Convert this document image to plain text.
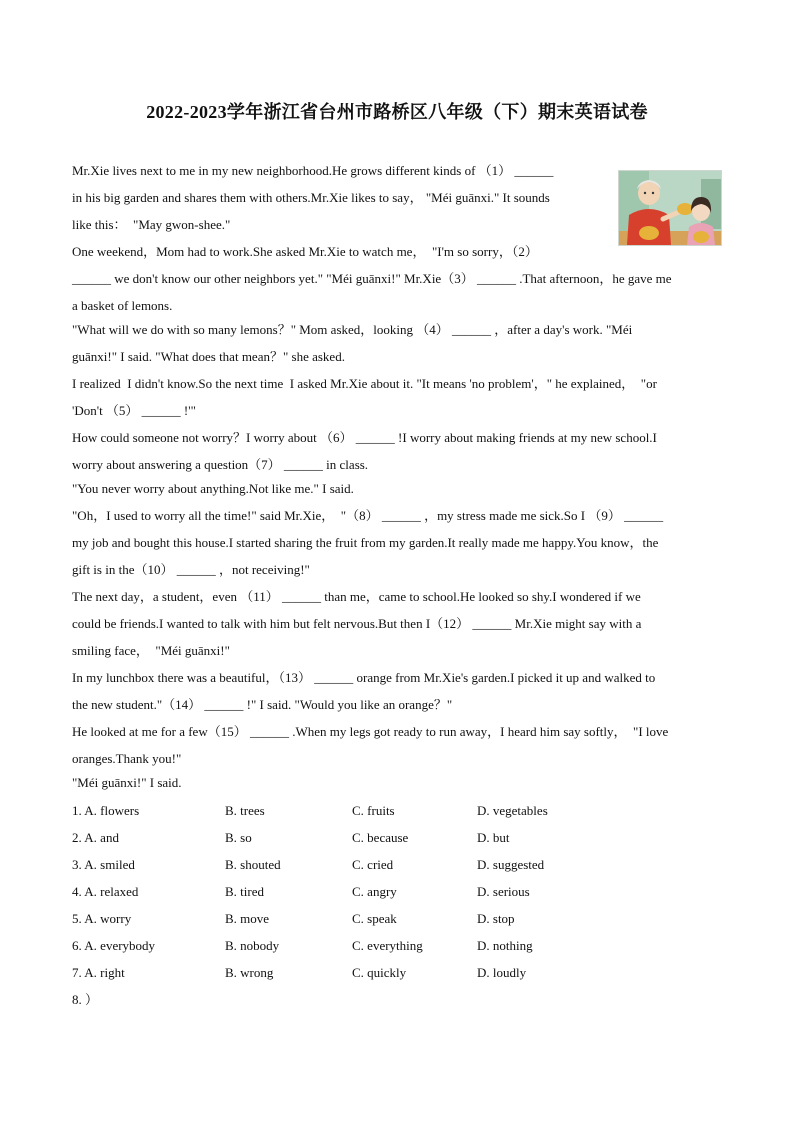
2022-2023学年浙江省台州市路桥区八年级（下）期末英语试卷
Mr.Xie lives next to me in my new neighborhood.He grows different kinds of （1） ______
in his big garden and shares them with others.Mr.Xie likes to say， "Méi guānxi." It sounds
like this：  "May gwon-shee."
One weekend，Mom had to work.She asked Mr.Xie to watch me，  "I'm so sorry，（2）
______ we don't know our other neighbors yet." "Méi guānxi!" Mr.Xie（3） ______ .That afternoon，he gave me
a basket of lemons.
"What will we do with so many lemons？" Mom asked，looking （4） ______ ，after a day's work. "Méi
guānxi!" I said. "What does that mean？" she asked.
I realized  I didn't know.So the next time  I asked Mr.Xie about it. "It means 'no problem'，" he explained，  "or
'Don't （5） ______ !'"
How could someone not worry？I worry about （6） ______ !I worry about making friends at my new school.I
worry about answering a question（7） ______ in class.
"You never worry about anything.Not like me." I said.
"Oh，I used to worry all the time!" said Mr.Xie，  "（8） ______ ，my stress made me sick.So I （9） ______
my job and bought this house.I started sharing the fruit from my garden.It really made me happy.You know，the
gift is in the（10） ______ ，not receiving!"
The next day，a student，even （11） ______ than me，came to school.He looked so shy.I wondered if we
could be friends.I wanted to talk with him but felt nervous.But then I（12） ______ Mr.Xie might say with a
smiling face，  "Méi guānxi!"
In my lunchbox there was a beautiful，（13） ______ orange from Mr.Xie's garden.I picked it up and walked to
the new student."（14） ______ !" I said. "Would you like an orange？"
He looked at me for a few（15） ______ .When my legs got ready to run away，I heard him say softly，  "I love
oranges.Thank you!"
"Méi guānxi!" I said.
1. A. flowers	B. trees	C. fruits	D. vegetables
2. A. and	B. so	C. because	D. but
3. A. smiled	B. shouted	C. cried	D. suggested
4. A. relaxed	B. tired	C. angry	D. serious
5. A. worry	B. move	C. speak	D. stop
6. A. everybody	B. nobody	C. everything	D. nothing
7. A. right	B. wrong	C. quickly	D. loudly
8. ）
